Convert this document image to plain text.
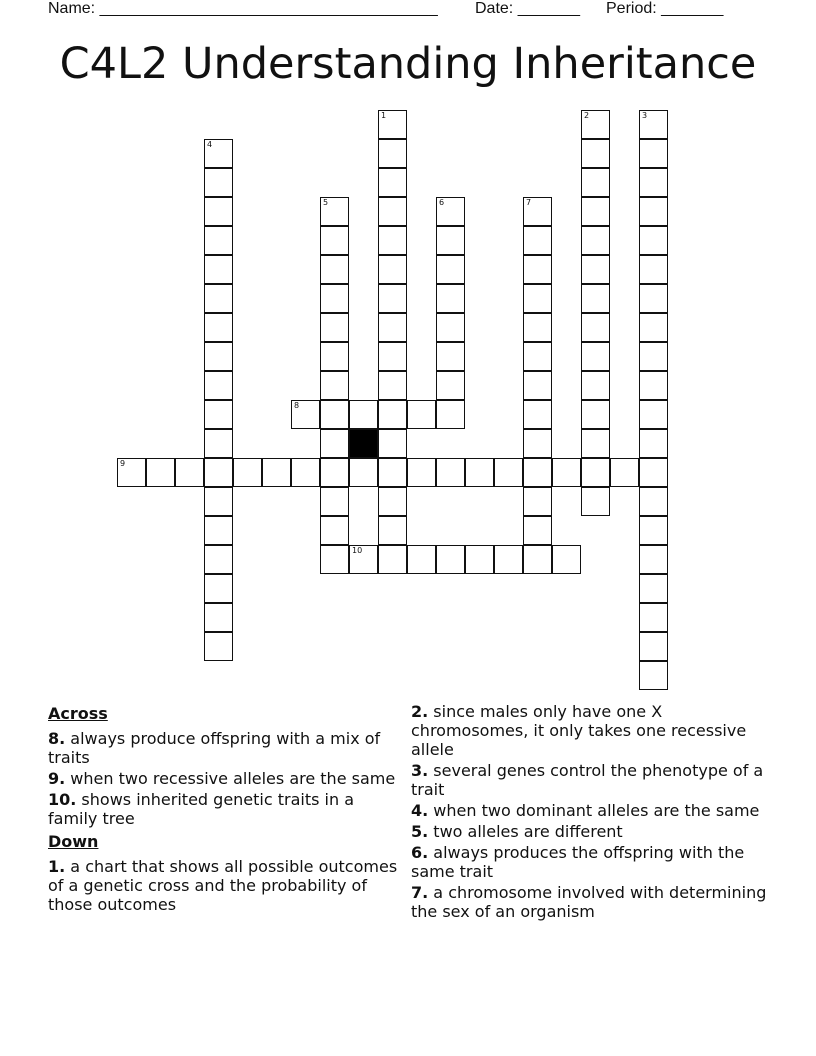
Name: ______________________________________ Date: _______ Period: _______
C4L2 Understanding Inheritance
1	2	3
4
5	6	7
8
9
10
Across
8. always produce offspring with a mix of traits
9. when two recessive alleles are the same
10. shows inherited genetic traits in a family tree
Down
1. a chart that shows all possible outcomes of a genetic cross and the probability of those outcomes
2. since males only have one X chromosomes, it only takes one recessive allele
3. several genes control the phenotype of a trait
4. when two dominant alleles are the same
5. two alleles are different
6. always produces the offspring with the same trait
7. a chromosome involved with determining the sex of an organism
